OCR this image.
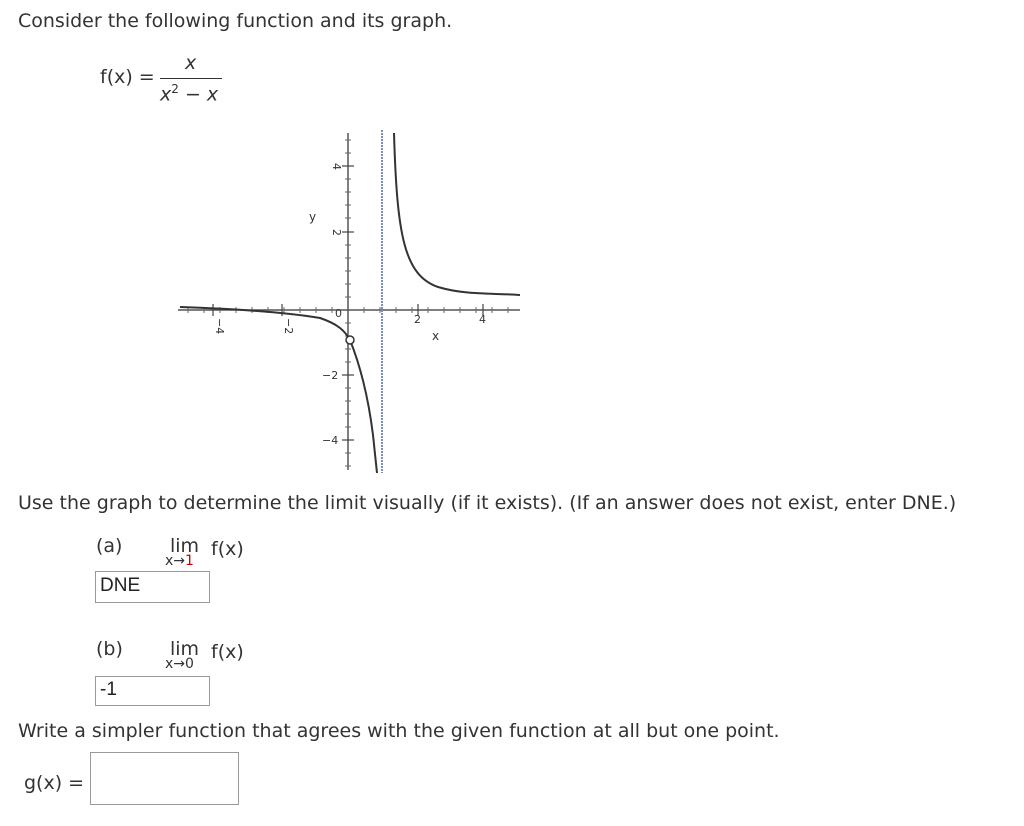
Consider the following function and its graph.
f(x) =
x
$x^2 - x$
y
x
−4	−2
0	2	4
4
2
−2
−4
Use the graph to determine the limit visually (if it exists). (If an answer does not exist, enter DNE.)
(a)	lim f(x)
x→1
DNE
(b) lim f(x)
x→0
-1
Write a simpler function that agrees with the given function at all but one point.
g(x) =
